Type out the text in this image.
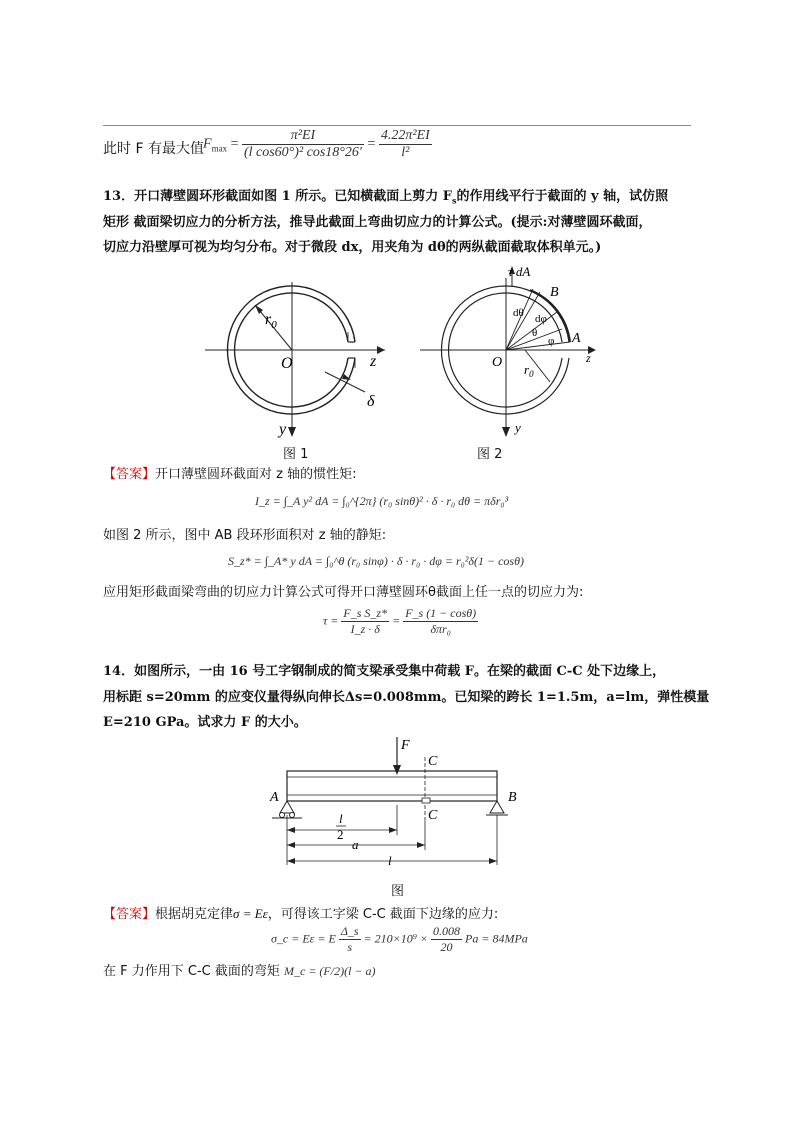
此时 F 有最大值 $F_{max} = \frac{\text{π²EI}}{\text{(l cos60°)² cos18°26′}} = \frac{\text{4.22π²EI}}{\text{l²}}$
13．开口薄壁圆环形截面如图 1 所示。已知横截面上剪力 $F_s$的作用线平行于截面的 y 轴，试仿照
矩形 截面梁切应力的分析方法，推导此截面上弯曲切应力的计算公式。(提示:对薄壁圆环截面，
切应力沿壁厚可视为均匀分布。对于微段 dx，用夹角为 dθ的两纵截面截取体积单元。)
$r_0$
O	z
y
δ
图 1
τ dA
B
A
dθ dφ
θ
φ
O $r_0$
z
y
图 2
【答案】开口薄壁圆环截面对 z 轴的惯性矩:
I_z = ∫_A y² dA = ∫₀^{2π} (r₀ sinθ)² · δ · r₀ dθ = πδr₀³
如图 2 所示，图中 AB 段环形面积对 z 轴的静矩:
S_z* = ∫_A* y dA = ∫₀^θ (r₀ sinφ) · δ · r₀ · dφ = r₀²δ(1 − cosθ)
应用矩形截面梁弯曲的切应力计算公式可得开口薄壁圆环θ截面上任一点的切应力为:
$\tau = \frac{\text{F\_s S\_z*}}{I\_z \cdot \delta} = \frac{F\_s (1 - \cos\theta)}{\text{δπr₀}}$
14．如图所示，一由 16 号工字钢制成的简支梁承受集中荷载 F。在梁的截面 C-C 处下边缘上，
用标距 s=20mm 的应变仪量得纵向伸长Δs=0.008mm。已知梁的跨长 1=1.5m，a=lm，弹性模量
E=210 GPa。试求力 F 的大小。
F
C
C
A	B
l
2
a
l
图
【答案】根据胡克定律σ = Eε，可得该工字梁 C-C 截面下边缘的应力:
σ_c = Eε = E $\frac{\Delta\_s}{s} = 210\times 10^9 \times \frac{0.008}{20}$ Pa = 84MPa
在 F 力作用下 C-C 截面的弯矩 M_c = (F/2)(l − a)
